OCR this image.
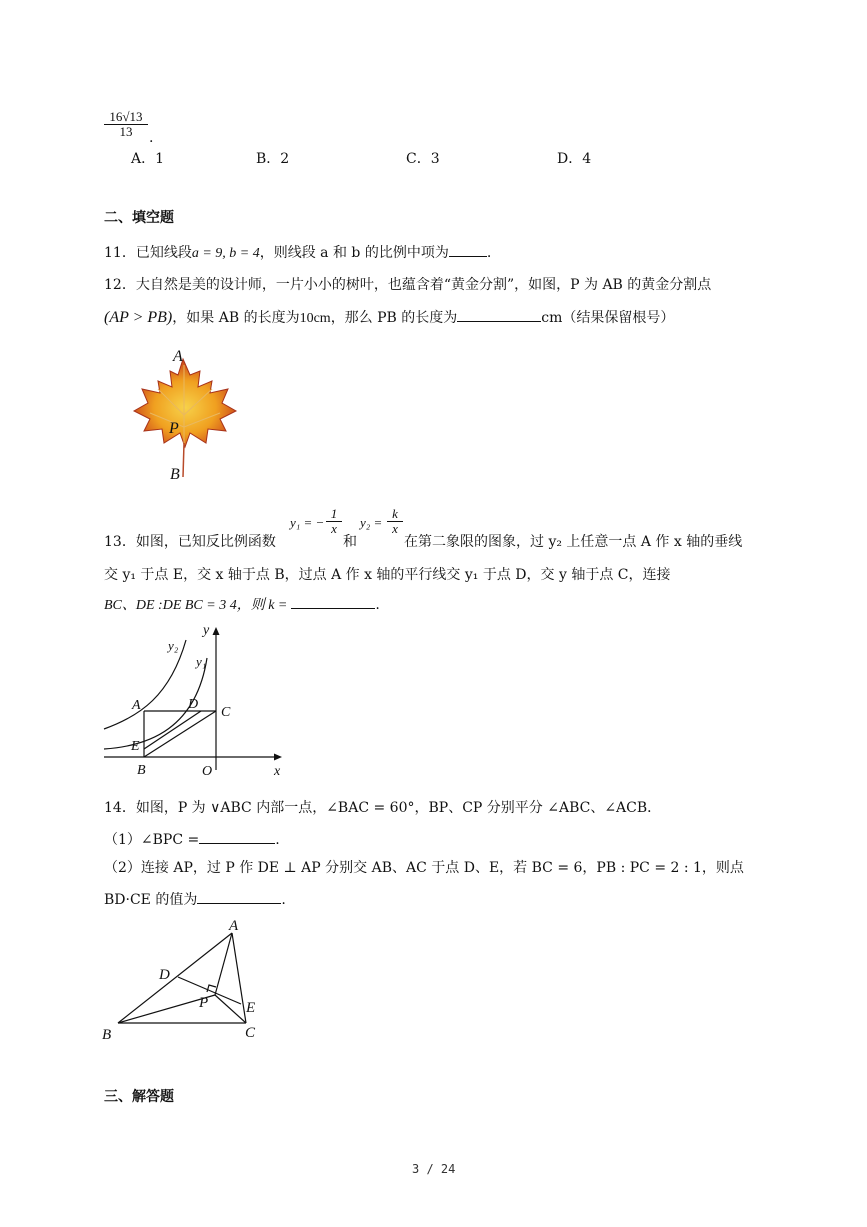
$\frac{16√13}{13}$ .
A．1	B．2	C．3	D．4
二、填空题
11．已知线段a = 9, b = 4，则线段 a 和 b 的比例中项为	.
12．大自然是美的设计师，一片小小的树叶，也蕴含着“黄金分割”，如图，P 为 AB 的黄金分割点
(AP > PB)，如果 AB 的长度为10cm，那么 PB 的长度为	cm（结果保留根号）
A
P
B
13．如图，已知反比例函数
y₁ = − $\frac{1}{x}$
和
$y_2 = \frac{k}{x}$
在第二象限的图象，过 y₂ 上任意一点 A 作 x 轴的垂线
交 y₁ 于点 E，交 x 轴于点 B，过点 A 作 x 轴的平行线交 y₁ 于点 D，交 y 轴于点 C，连接
BC、DE :DE BC = 3 4，则 k =	.
y
x
O
y₂
y₁
A	D
C
E
B
14．如图，P 为 ∨ABC 内部一点，∠BAC = 60°，BP、CP 分别平分 ∠ABC、∠ACB．
（1）∠BPC =	.
（2）连接 AP，过 P 作 DE ⊥ AP 分别交 AB、AC 于点 D、E，若 BC = 6，PB : PC = 2 : 1，则点
BD·CE 的值为	.
A
D
P	E
B	C
三、解答题
3 / 24
